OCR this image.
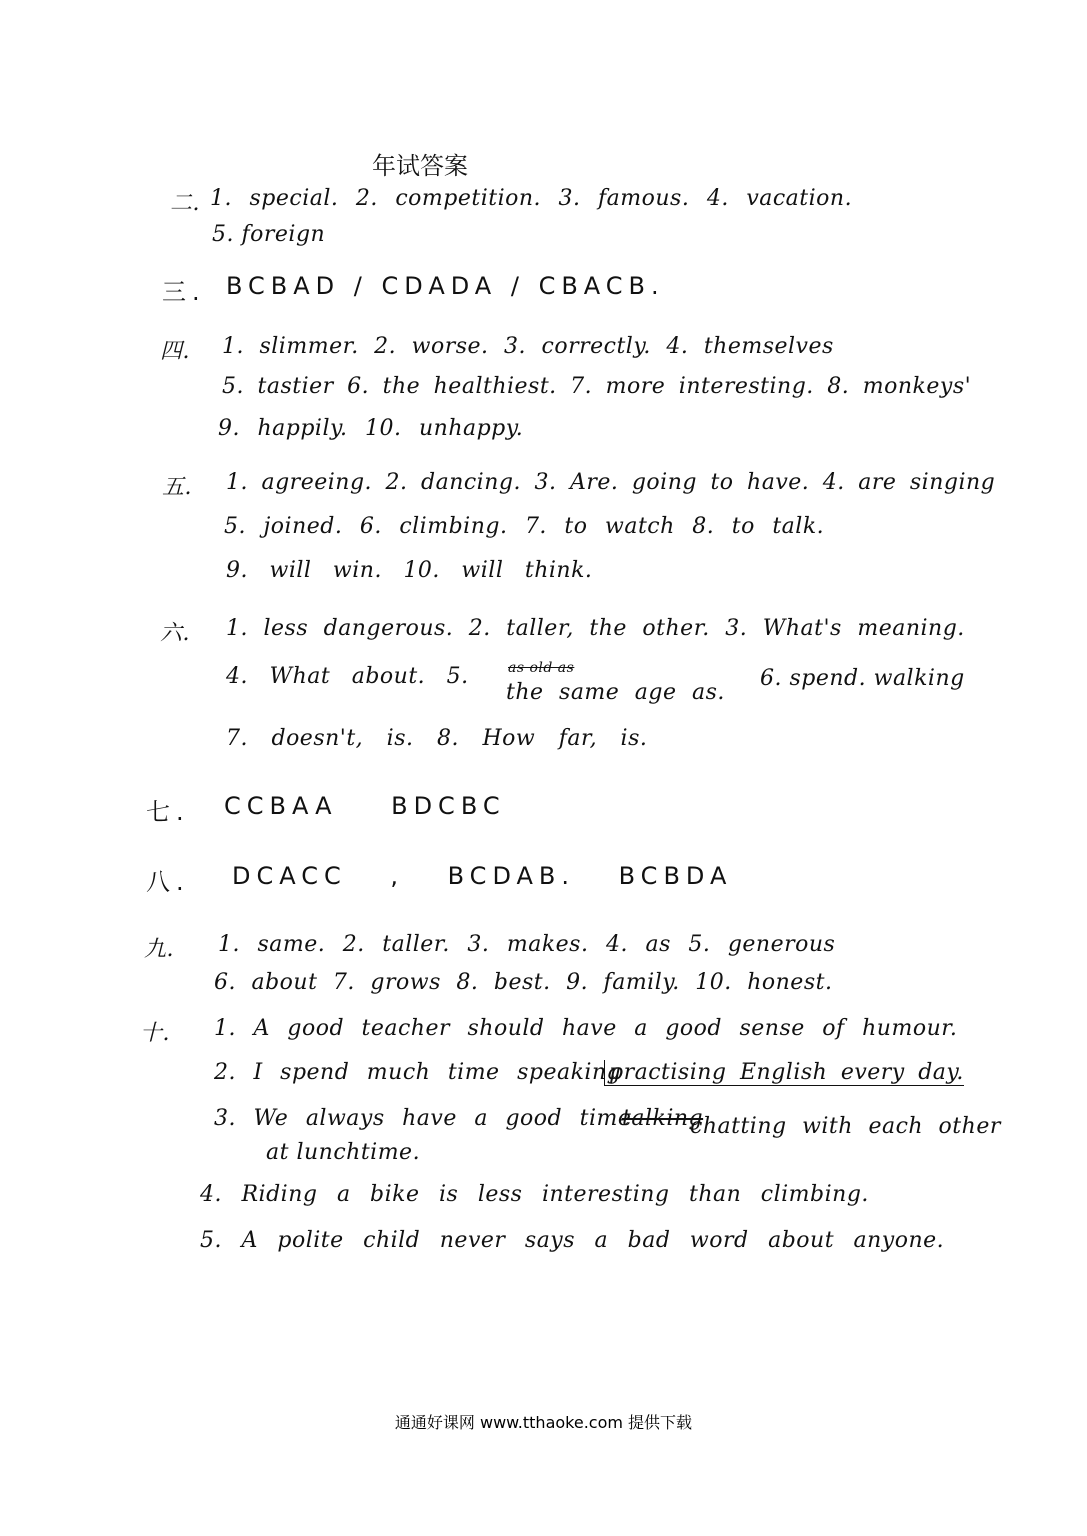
年试答案
二. 1. special. 2. competition. 3. famous. 4. vacation.
5. foreign
三. BCBAD / CDADA / CBACB.
四. 1. slimmer. 2. worse. 3. correctly. 4. themselves
5. tastier 6. the healthiest. 7. more interesting. 8. monkeys'
9. happily. 10. unhappy.
五. 1. agreeing. 2. dancing. 3. Are. going to have. 4. are singing
5. joined. 6. climbing. 7. to watch 8. to talk.
9. will win. 10. will think.
六. 1. less dangerous. 2. taller, the other. 3. What's meaning.
4. What about. 5.	as old as
the same age as.
6. spend. walking
7. doesn't, is. 8. How far, is.
七. CCBAA BDCBC
八. DCACC , BCDAB. BCBDA
九. 1. same. 2. taller. 3. makes. 4. as 5. generous
6. about 7. grows 8. best. 9. family. 10. honest.
十. 1. A good teacher should have a good sense of humour.
2. I spend much time speaking
practising English every day.
3. We always have a good time
talking
chatting with each other
at lunchtime.
4. Riding a bike is less interesting than climbing.
5. A polite child never says a bad word about anyone.
通通好课网 www.tthaoke.com 提供下载
